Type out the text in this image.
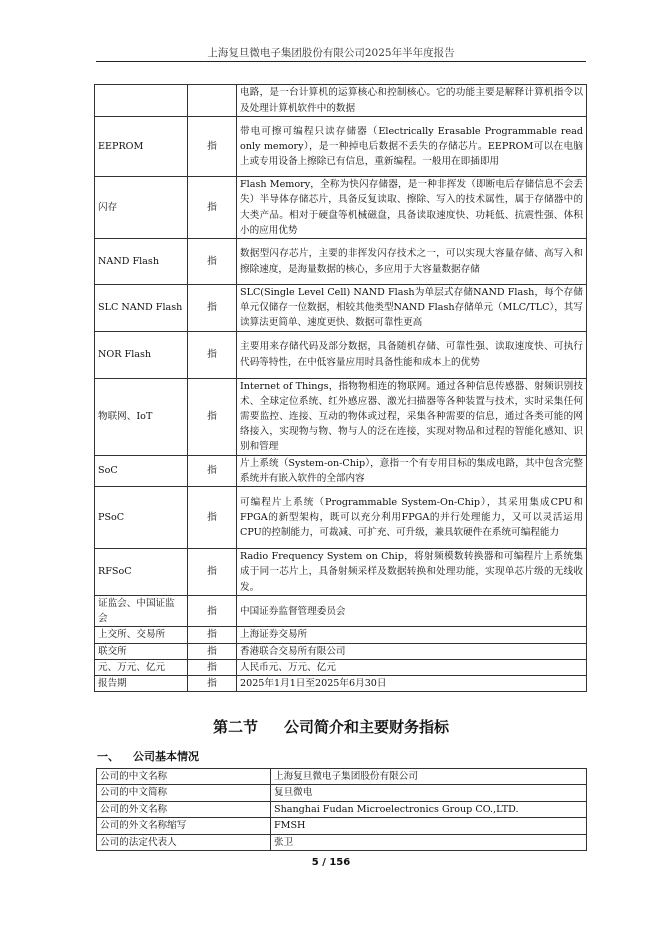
上海复旦微电子集团股份有限公司2025年半年度报告
		电路，是一台计算机的运算核心和控制核心。它的功能主要是解释计算机指令以及处理计算机软件中的数据
EEPROM	指	带电可擦可编程只读存储器（Electrically Erasable Programmable read only memory），是一种掉电后数据不丢失的存储芯片。EEPROM可以在电脑上或专用设备上擦除已有信息，重新编程。一般用在即插即用
闪存	指	Flash Memory，全称为快闪存储器，是一种非挥发（即断电后存储信息不会丢失）半导体存储芯片，具备反复读取、擦除、写入的技术属性，属于存储器中的大类产品。相对于硬盘等机械磁盘，具备读取速度快、功耗低、抗震性强、体积小的应用优势
NAND Flash	指	数据型闪存芯片，主要的非挥发闪存技术之一，可以实现大容量存储、高写入和擦除速度，是海量数据的核心，多应用于大容量数据存储
SLC NAND Flash	指	SLC(Single Level Cell) NAND Flash为单层式存储NAND Flash，每个存储单元仅储存一位数据，相较其他类型NAND Flash存储单元（MLC/TLC），其写读算法更简单、速度更快、数据可靠性更高
NOR Flash	指	主要用来存储代码及部分数据，具备随机存储、可靠性强、读取速度快、可执行代码等特性，在中低容量应用时具备性能和成本上的优势
物联网、IoT	指	Internet of Things，指物物相连的物联网。通过各种信息传感器、射频识别技术、全球定位系统、红外感应器、激光扫描器等各种装置与技术，实时采集任何需要监控、连接、互动的物体或过程，采集各种需要的信息，通过各类可能的网络接入，实现物与物、物与人的泛在连接，实现对物品和过程的智能化感知、识别和管理
SoC	指	片上系统（System-on-Chip），意指一个有专用目标的集成电路，其中包含完整系统并有嵌入软件的全部内容
PSoC	指	可编程片上系统（Programmable System-On-Chip），其采用集成CPU和FPGA的新型架构，既可以充分利用FPGA的并行处理能力，又可以灵活运用CPU的控制能力，可裁减、可扩充、可升级，兼具软硬件在系统可编程能力
RFSoC	指	Radio Frequency System on Chip，将射频模数转换器和可编程片上系统集成于同一芯片上，具备射频采样及数据转换和处理功能，实现单芯片级的无线收发。
证监会、中国证监会	指	中国证券监督管理委员会
上交所、交易所	指	上海证券交易所
联交所	指	香港联合交易所有限公司
元、万元、亿元	指	人民币元、万元、亿元
报告期	指	2025年1月1日至2025年6月30日
第二节 公司简介和主要财务指标
一、 公司基本情况
公司的中文名称	上海复旦微电子集团股份有限公司
公司的中文简称	复旦微电
公司的外文名称	Shanghai Fudan Microelectronics Group CO.,LTD.
公司的外文名称缩写	FMSH
公司的法定代表人	张卫
5 / 156
